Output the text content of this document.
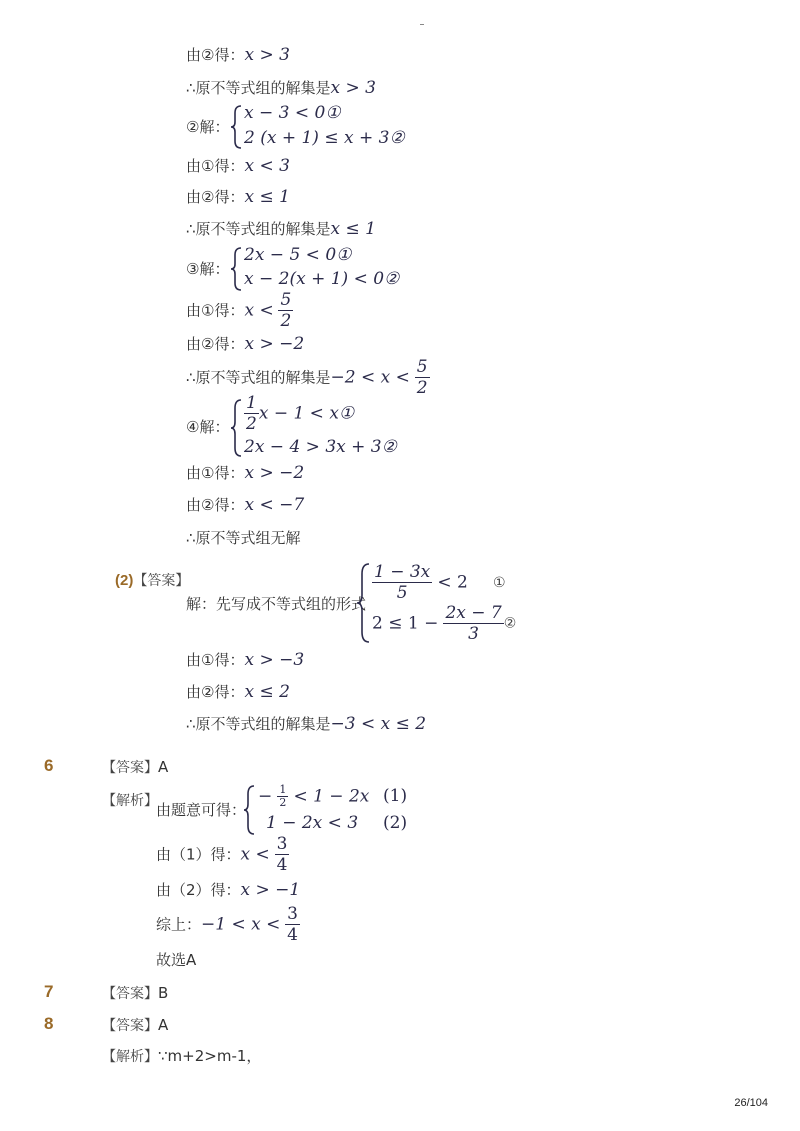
由②得：x > 3
∴原不等式组的解集是x > 3
②解：
x − 3 < 0①
2 (x + 1) ≤ x + 3②
由①得：x < 3
由②得：x ≤ 1
∴原不等式组的解集是x ≤ 1
③解：
2x − 5 < 0①
x − 2(x + 1) < 0②
由①得：$x < \frac{5}{2}$
由②得：x > −2
∴原不等式组的解集是$-2 < x < \frac{5}{2}$
④解： $\frac{1}{2}$ x − 1 < x①
2x − 4 > 3x + 3②
由①得：x > −2
由②得：x < −7
∴原不等式组无解
(2)【答案】
解：先写成不等式组的形式
$\frac{1 - 3x}{5} < 2$ ①
$2 \le 1 - \frac{2x - 7}{3}$ ②
由①得：x > −3
由②得：x ≤ 2
∴原不等式组的解集是−3 < x ≤ 2
6	【答案】A
【解析】
由题意可得：
− $\frac{1}{2} < 1 - 2x$ (1)
1 − 2x < 3 (2)
由（1）得：$x < \frac{3}{4}$
由（2）得：x > −1
综上：$-1 < x < \frac{3}{4}$
故选A
7	【答案】B
8	【答案】A
【解析】∵m+2>m-1，
26/104
